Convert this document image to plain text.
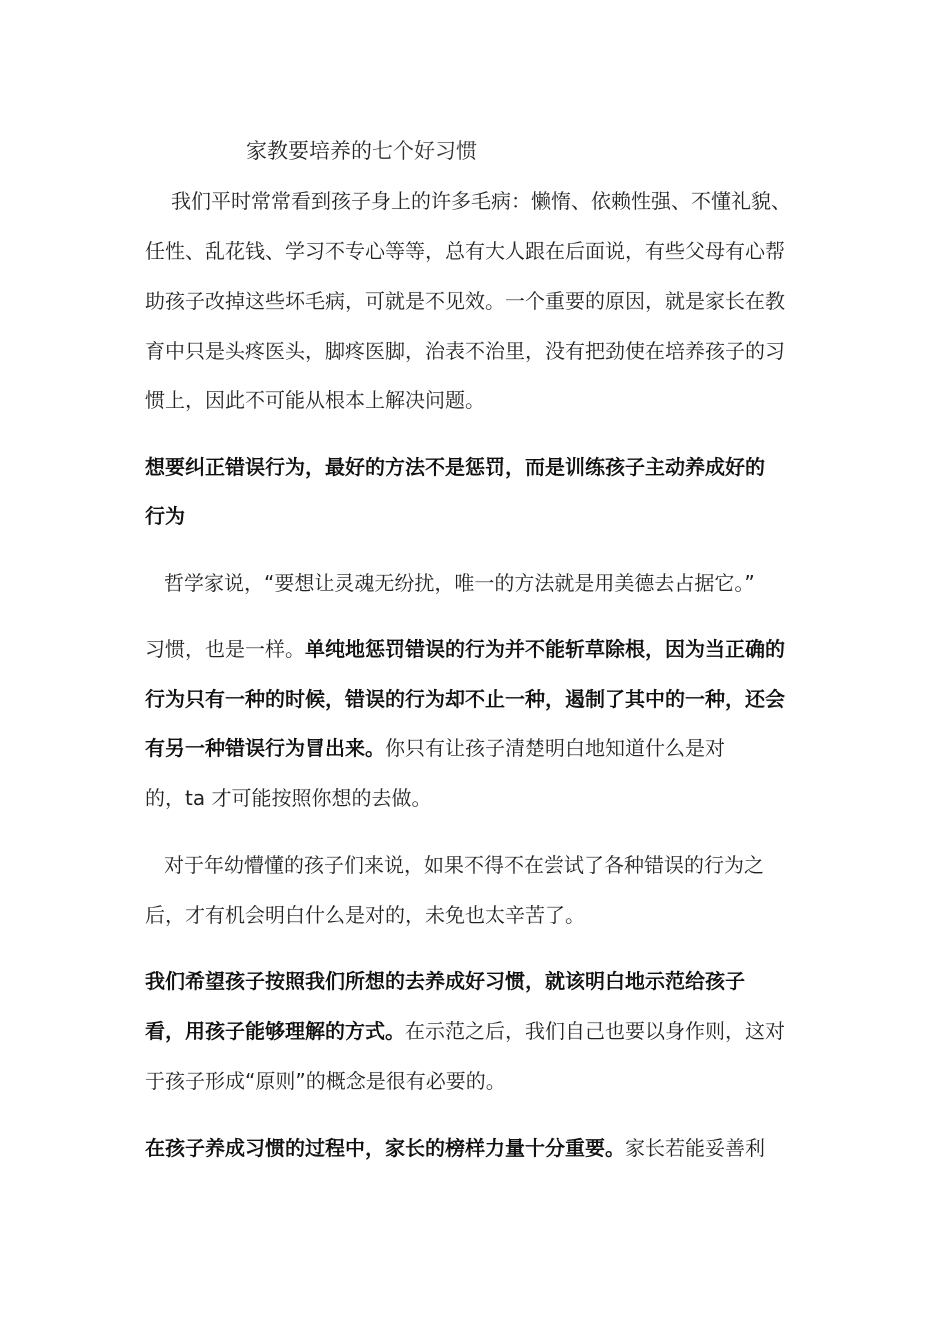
家教要培养的七个好习惯
我们平时常常看到孩子身上的许多毛病：懒惰、依赖性强、不懂礼貌、
任性、乱花钱、学习不专心等等，总有大人跟在后面说，有些父母有心帮
助孩子改掉这些坏毛病，可就是不见效。一个重要的原因，就是家长在教
育中只是头疼医头，脚疼医脚，治表不治里，没有把劲使在培养孩子的习
惯上，因此不可能从根本上解决问题。
想要纠正错误行为，最好的方法不是惩罚，而是训练孩子主动养成好的
行为
哲学家说，“要想让灵魂无纷扰，唯一的方法就是用美德去占据它。”
习惯，也是一样。单纯地惩罚错误的行为并不能斩草除根，因为当正确的
行为只有一种的时候，错误的行为却不止一种，遏制了其中的一种，还会
有另一种错误行为冒出来。你只有让孩子清楚明白地知道什么是对
的，ta 才可能按照你想的去做。
对于年幼懵懂的孩子们来说，如果不得不在尝试了各种错误的行为之
后，才有机会明白什么是对的，未免也太辛苦了。
我们希望孩子按照我们所想的去养成好习惯，就该明白地示范给孩子
看，用孩子能够理解的方式。在示范之后，我们自己也要以身作则，这对
于孩子形成“原则”的概念是很有必要的。
在孩子养成习惯的过程中，家长的榜样力量十分重要。家长若能妥善利
